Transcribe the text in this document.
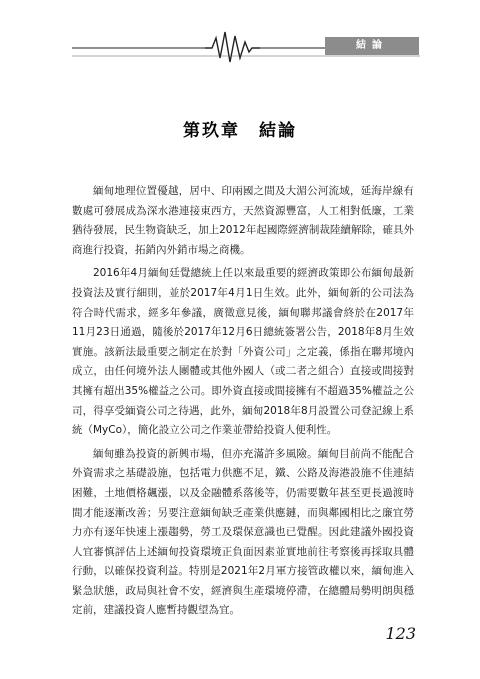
結論
第玖章　結論

緬甸地理位置優越，居中、印兩國之間及大湄公河流域，延海岸線有數處可發展成為深水港連接東西方，天然資源豐富，人工相對低廉，工業猶待發展，民生物資缺乏，加上2012年起國際經濟制裁陸續解除，確具外商進行投資，拓銷內外銷市場之商機。

2016年4月緬甸廷覺總統上任以來最重要的經濟政策即公布緬甸最新投資法及實行細則，並於2017年4月1日生效。此外，緬甸新的公司法為符合時代需求，經多年參議，廣徵意見後，緬甸聯邦議會終於在2017年11月23日通過，隨後於2017年12月6日總統簽署公告，2018年8月生效實施。該新法最重要之制定在於對「外資公司」之定義，係指在聯邦境內成立，由任何境外法人團體或其他外國人（或二者之組合）直接或間接對其擁有超出35%權益之公司。即外資直接或間接擁有不超過35%權益之公司，得享受緬資公司之待遇，此外，緬甸2018年8月設置公司登記線上系統（MyCo），簡化設立公司之作業並帶給投資人便利性。

緬甸雖為投資的新興市場，但亦充滿許多風險。緬甸目前尚不能配合外資需求之基礎設施，包括電力供應不足，鐵、公路及海港設施不佳連結困難，土地價格飆漲，以及金融體系落後等，仍需要數年甚至更長過渡時間才能逐漸改善；另要注意緬甸缺乏產業供應鏈，而與鄰國相比之廉宜勞力亦有逐年快速上漲趨勢，勞工及環保意識也已覺醒。因此建議外國投資人宜審慎評估上述緬甸投資環境正負面因素並實地前往考察後再採取具體行動，以確保投資利益。特別是2021年2月軍方接管政權以來，緬甸進入緊急狀態，政局與社會不安，經濟與生產環境停滯，在總體局勢明朗與穩定前，建議投資人應暫持觀望為宜。

123
